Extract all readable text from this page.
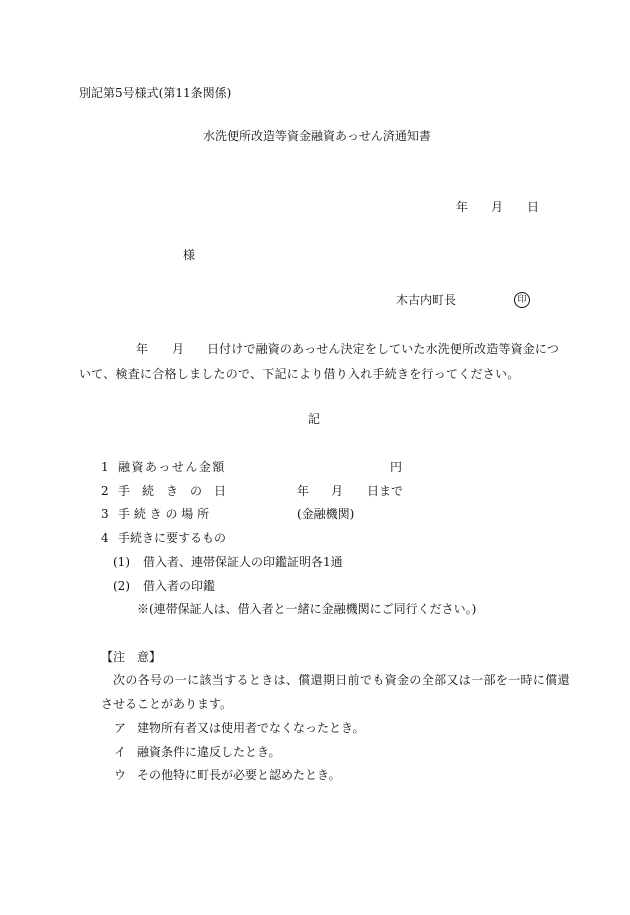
別記第5号様式(第11条関係)
水洗便所改造等資金融資あっせん済通知書
年 月 日
様
木古内町長	印
年 月 日付けで融資のあっせん決定をしていた水洗便所改造等資金につ
いて、検査に合格しましたので、下記により借り入れ手続きを行ってください。
記
1 融資あっせん金額	円
2 手　続　き　の　日	年 月 日まで
3 手 続 き の 場 所	(金融機関)
4 手続きに要するもの
(1) 借入者、連帯保証人の印鑑証明各1通
(2) 借入者の印鑑
※(連帯保証人は、借入者と一緒に金融機関にご同行ください。)
【注　意】
次の各号の一に該当するときは、償還期日前でも資金の全部又は一部を一時に償還
させることがあります。
ア 建物所有者又は使用者でなくなったとき。
イ 融資条件に違反したとき。
ウ その他特に町長が必要と認めたとき。
